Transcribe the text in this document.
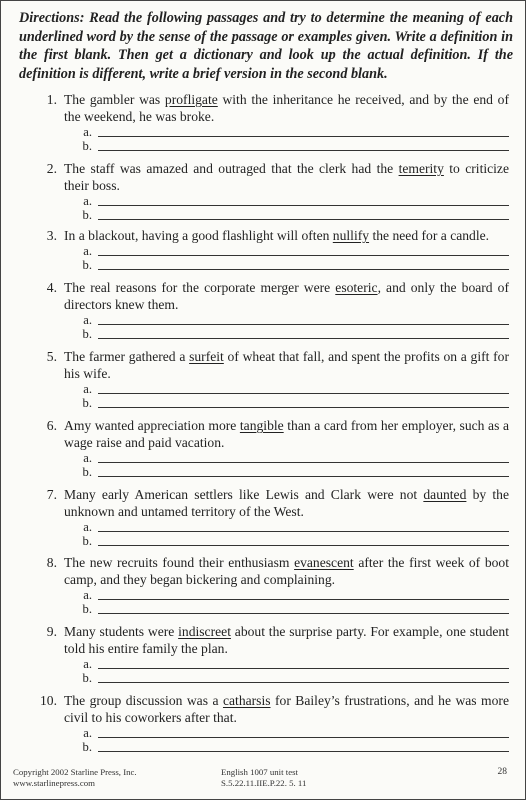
Directions: Read the following passages and try to determine the meaning of each underlined word by the sense of the passage or examples given. Write a definition in the first blank. Then get a dictionary and look up the actual definition. If the definition is different, write a brief version in the second blank.
1. The gambler was profligate with the inheritance he received, and by the end of the weekend, he was broke.
a.
b.
2. The staff was amazed and outraged that the clerk had the temerity to criticize their boss.
a.
b.
3. In a blackout, having a good flashlight will often nullify the need for a candle.
a.
b.
4. The real reasons for the corporate merger were esoteric, and only the board of directors knew them.
a.
b.
5. The farmer gathered a surfeit of wheat that fall, and spent the profits on a gift for his wife.
a.
b.
6. Amy wanted appreciation more tangible than a card from her employer, such as a wage raise and paid vacation.
a.
b.
7. Many early American settlers like Lewis and Clark were not daunted by the unknown and untamed territory of the West.
a.
b.
8. The new recruits found their enthusiasm evanescent after the first week of boot camp, and they began bickering and complaining.
a.
b.
9. Many students were indiscreet about the surprise party. For example, one student told his entire family the plan.
a.
b.
10. The group discussion was a catharsis for Bailey’s frustrations, and he was more civil to his coworkers after that.
a.
b.
Copyright 2002 Starline Press, Inc.
www.starlinepress.com
English 1007 unit test
S.5.22.11.IIE.P.22. 5. 11
28
